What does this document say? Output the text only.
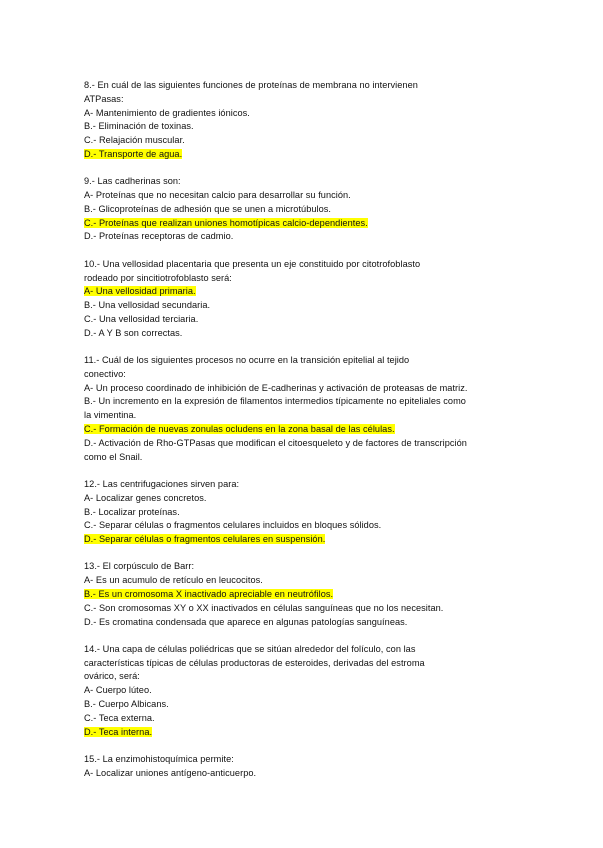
8.- En cuál de las siguientes funciones de proteínas de membrana no intervienen
ATPasas:
A- Mantenimiento de gradientes iónicos.
B.- Eliminación de toxinas.
C.- Relajación muscular.
D.- Transporte de agua.
9.- Las cadherinas son:
A- Proteínas que no necesitan calcio para desarrollar su función.
B.- Glicoproteínas de adhesión que se unen a microtúbulos.
C.- Proteínas que realizan uniones homotípicas calcio-dependientes.
D.- Proteínas receptoras de cadmio.
10.- Una vellosidad placentaria que presenta un eje constituido por citotrofoblasto
rodeado por sincitiotrofoblasto será:
A- Una vellosidad primaria.
B.- Una vellosidad secundaria.
C.- Una vellosidad terciaria.
D.- A Y B son correctas.
11.- Cuál de los siguientes procesos no ocurre en la transición epitelial al tejido
conectivo:
A- Un proceso coordinado de inhibición de E-cadherinas y activación de proteasas de matriz.
B.- Un incremento en la expresión de filamentos intermedios típicamente no epiteliales como
la vimentina.
C.- Formación de nuevas zonulas ocludens en la zona basal de las células.
D.- Activación de Rho-GTPasas que modifican el citoesqueleto y de factores de transcripción
como el Snail.
12.- Las centrifugaciones sirven para:
A- Localizar genes concretos.
B.- Localizar proteínas.
C.- Separar células o fragmentos celulares incluidos en bloques sólidos.
D.- Separar células o fragmentos celulares en suspensión.
13.- El corpúsculo de Barr:
A- Es un acumulo de retículo en leucocitos.
B.- Es un cromosoma X inactivado apreciable en neutrófilos.
C.- Son cromosomas XY o XX inactivados en células sanguíneas que no los necesitan.
D.- Es cromatina condensada que aparece en algunas patologías sanguíneas.
14.- Una capa de células poliédricas que se sitúan alrededor del folículo, con las
características típicas de células productoras de esteroides, derivadas del estroma
ovárico, será:
A- Cuerpo lúteo.
B.- Cuerpo Albicans.
C.- Teca externa.
D.- Teca interna.
15.- La enzimohistoquímica permite:
A- Localizar uniones antígeno-anticuerpo.
